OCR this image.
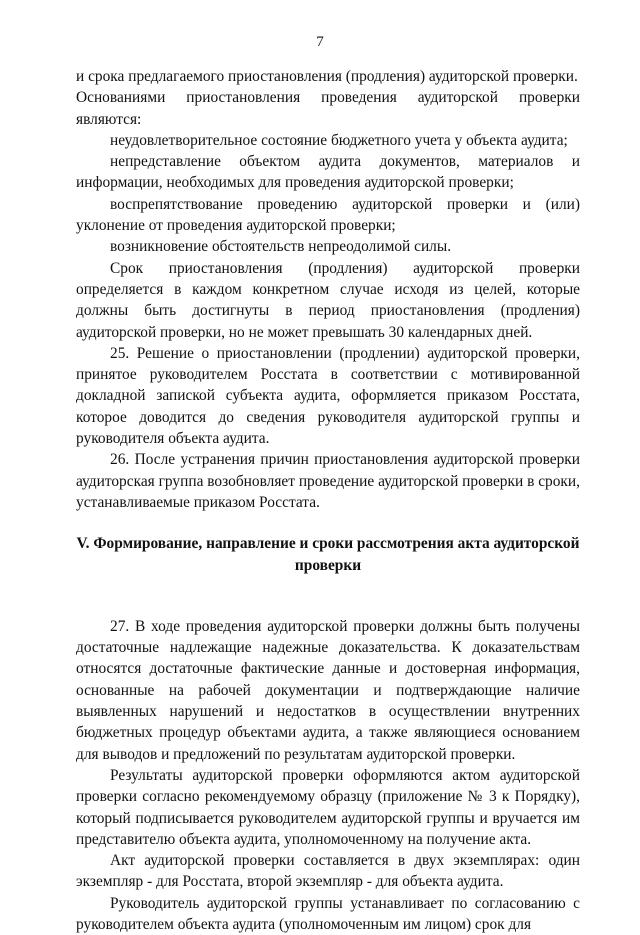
7

и срока предлагаемого приостановления (продления) аудиторской проверки.

Основаниями приостановления проведения аудиторской проверки являются:

неудовлетворительное состояние бюджетного учета у объекта аудита;

непредставление объектом аудита документов, материалов и информации, необходимых для проведения аудиторской проверки;

воспрепятствование проведению аудиторской проверки и (или) уклонение от проведения аудиторской проверки;

возникновение обстоятельств непреодолимой силы.

Срок приостановления (продления) аудиторской проверки определяется в каждом конкретном случае исходя из целей, которые должны быть достигнуты в период приостановления (продления) аудиторской проверки, но не может превышать 30 календарных дней.

25. Решение о приостановлении (продлении) аудиторской проверки, принятое руководителем Росстата в соответствии с мотивированной докладной запиской субъекта аудита, оформляется приказом Росстата, которое доводится до сведения руководителя аудиторской группы и руководителя объекта аудита.

26. После устранения причин приостановления аудиторской проверки аудиторская группа возобновляет проведение аудиторской проверки в сроки, устанавливаемые приказом Росстата.

V. Формирование, направление и сроки рассмотрения акта аудиторской проверки

27. В ходе проведения аудиторской проверки должны быть получены достаточные надлежащие надежные доказательства. К доказательствам относятся достаточные фактические данные и достоверная информация, основанные на рабочей документации и подтверждающие наличие выявленных нарушений и недостатков в осуществлении внутренних бюджетных процедур объектами аудита, а также являющиеся основанием для выводов и предложений по результатам аудиторской проверки.

Результаты аудиторской проверки оформляются актом аудиторской проверки согласно рекомендуемому образцу (приложение № 3 к Порядку), который подписывается руководителем аудиторской группы и вручается им представителю объекта аудита, уполномоченному на получение акта.

Акт аудиторской проверки составляется в двух экземплярах: один экземпляр - для Росстата, второй экземпляр - для объекта аудита.

Руководитель аудиторской группы устанавливает по согласованию с руководителем объекта аудита (уполномоченным им лицом) срок для
